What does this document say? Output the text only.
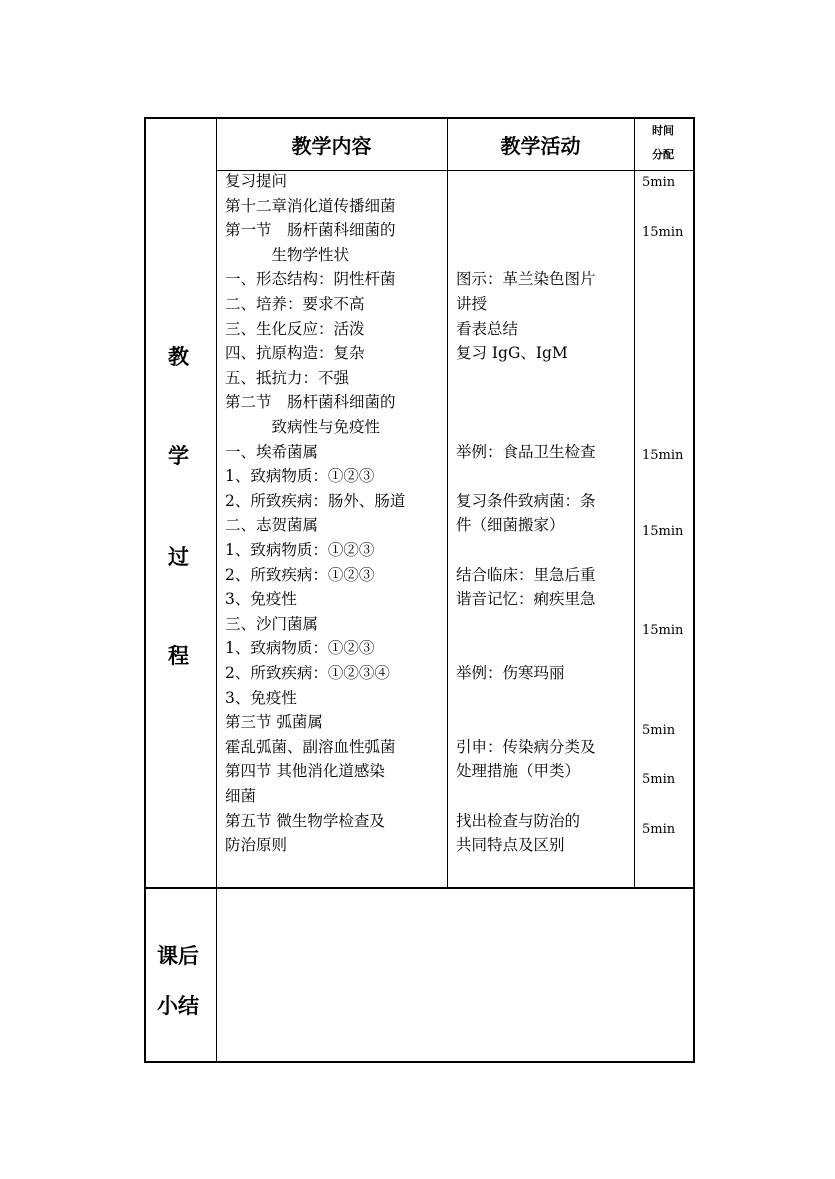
教学内容	教学活动
时间
分配
教
学
过
程
课后
小结
复习提问
第十二章消化道传播细菌
第一节　肠杆菌科细菌的
　　　生物学性状
一、形态结构：阴性杆菌
二、培养：要求不高
三、生化反应：活泼
四、抗原构造：复杂
五、抵抗力：不强
第二节　肠杆菌科细菌的
　　　致病性与免疫性
一、埃希菌属
1、致病物质：①②③
2、所致疾病：肠外、肠道
二、志贺菌属
1、致病物质：①②③
2、所致疾病：①②③
3、免疫性
三、沙门菌属
1、致病物质：①②③
2、所致疾病：①②③④
3、免疫性
第三节 弧菌属
霍乱弧菌、副溶血性弧菌
第四节 其他消化道感染
细菌
第五节 微生物学检查及
防治原则
图示：革兰染色图片
讲授
看表总结
复习 IgG、IgM
举例：食品卫生检查
复习条件致病菌：条
件（细菌搬家）
结合临床：里急后重
谐音记忆：痢疾里急
举例：伤寒玛丽
引申：传染病分类及
处理措施（甲类）
找出检查与防治的
共同特点及区别
5min
15min
15min
15min
15min
5min
5min
5min
